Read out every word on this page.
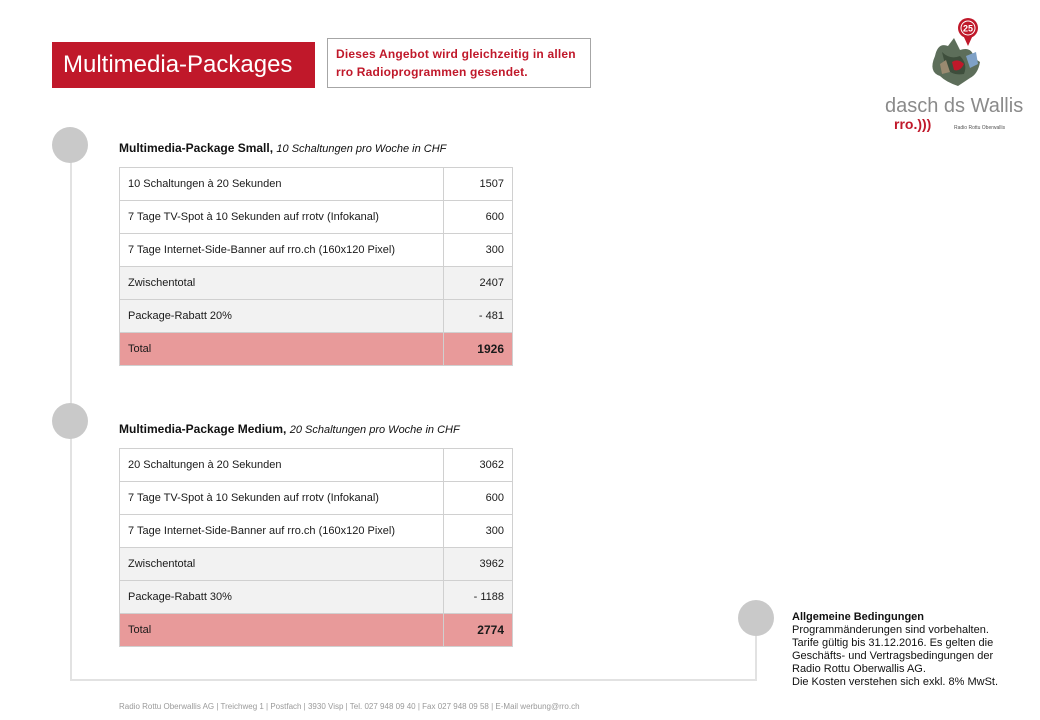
Multimedia-Packages	Dieses Angebot wird gleichzeitig in allen rro Radioprogrammen gesendet.
25
dasch ds Wallis
rro.)))	Radio Rottu Oberwallis
Multimedia-Package Small, 10 Schaltungen pro Woche in CHF
10 Schaltungen à 20 Sekunden	1507
7 Tage TV-Spot à 10 Sekunden auf rrotv (Infokanal)	600
7 Tage Internet-Side-Banner auf rro.ch (160x120 Pixel)	300
Zwischentotal	2407
Package-Rabatt 20%	- 481
Total	1926
Multimedia-Package Medium, 20 Schaltungen pro Woche in CHF
20 Schaltungen à 20 Sekunden	3062
7 Tage TV-Spot à 10 Sekunden auf rrotv (Infokanal)	600
7 Tage Internet-Side-Banner auf rro.ch (160x120 Pixel)	300
Zwischentotal	3962
Package-Rabatt 30%	- 1188
Total	2774
Allgemeine Bedingungen
Programmänderungen sind vorbehalten.
Tarife gültig bis 31.12.2016. Es gelten die
Geschäfts- und Vertragsbedingungen der
Radio Rottu Oberwallis AG.
Die Kosten verstehen sich exkl. 8% MwSt.
Radio Rottu Oberwallis AG | Treichweg 1 | Postfach | 3930 Visp | Tel. 027 948 09 40 | Fax 027 948 09 58 | E-Mail werbung@rro.ch
